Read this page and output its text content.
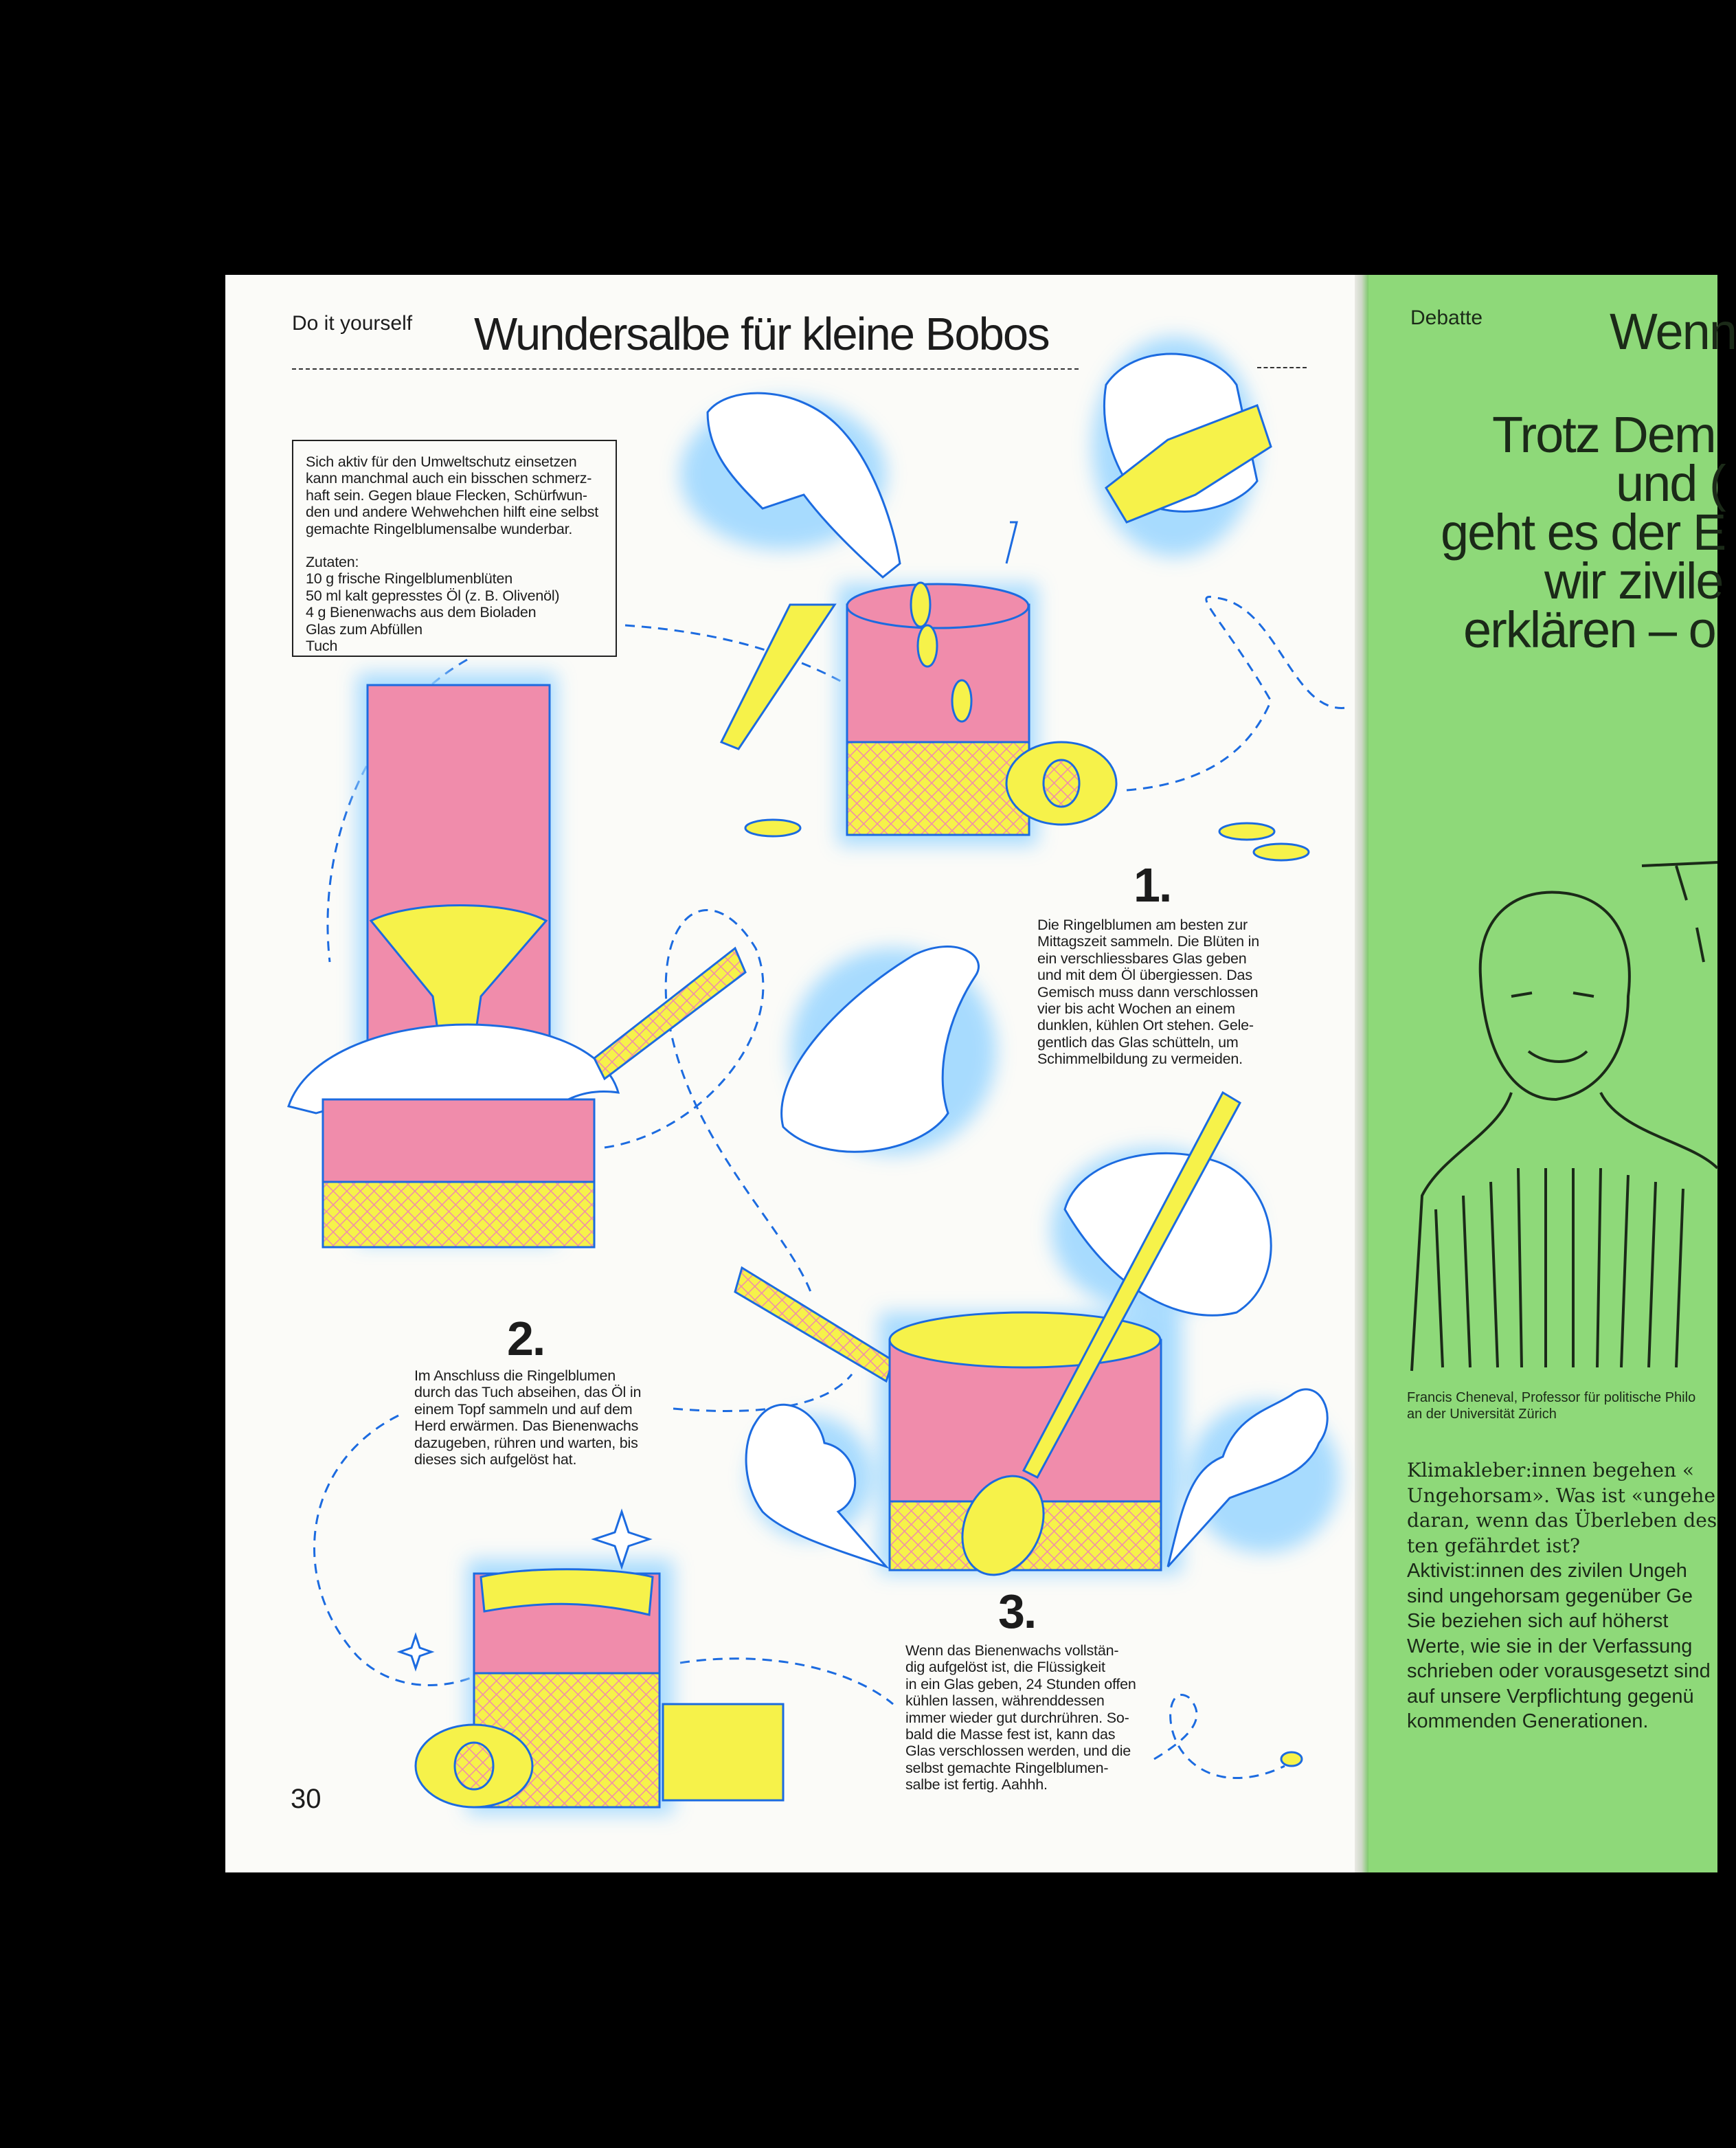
Do it yourself Wundersalbe für kleine Bobos
Sich aktiv für den Umweltschutz einsetzen
kann manchmal auch ein bisschen schmerz-
haft sein. Gegen blaue Flecken, Schürfwun-
den und andere Wehwehchen hilft eine selbst
gemachte Ringelblumensalbe wunderbar.
Zutaten:
10 g frische Ringelblumenblüten
50 ml kalt gepresstes Öl (z. B. Olivenöl)
4 g Bienenwachs aus dem Bioladen
Glas zum Abfüllen
Tuch
1.
Die Ringelblumen am besten zur
Mittagszeit sammeln. Die Blüten in
ein verschliessbares Glas geben
und mit dem Öl übergiessen. Das
Gemisch muss dann verschlossen
vier bis acht Wochen an einem
dunklen, kühlen Ort stehen. Gele-
gentlich das Glas schütteln, um
Schimmelbildung zu vermeiden.
2.
Im Anschluss die Ringelblumen
durch das Tuch abseihen, das Öl in
einem Topf sammeln und auf dem
Herd erwärmen. Das Bienenwachs
dazugeben, rühren und warten, bis
dieses sich aufgelöst hat.
3.
Wenn das Bienenwachs vollstän-
dig aufgelöst ist, die Flüssigkeit
in ein Glas geben, 24 Stunden offen
kühlen lassen, währenddessen
immer wieder gut durchrühren. So-
bald die Masse fest ist, kann das
Glas verschlossen werden, und die
selbst gemachte Ringelblumen-
salbe ist fertig. Aahhh.
30
Debatte Wenn
Trotz Dem
und (
geht es der E
wir zivile
erklären – o
Francis Cheneval, Professor für politische Philo
an der Universität Zürich
Klimakleber:innen begehen «
Ungehorsam». Was ist «ungehe
daran, wenn das Überleben des
ten gefährdet ist?
Aktivist:innen des zivilen Ungeh
sind ungehorsam gegenüber Ge
Sie beziehen sich auf höherst
Werte, wie sie in der Verfassung
schrieben oder vorausgesetzt sind
auf unsere Verpflichtung gegenü
kommenden Generationen.
